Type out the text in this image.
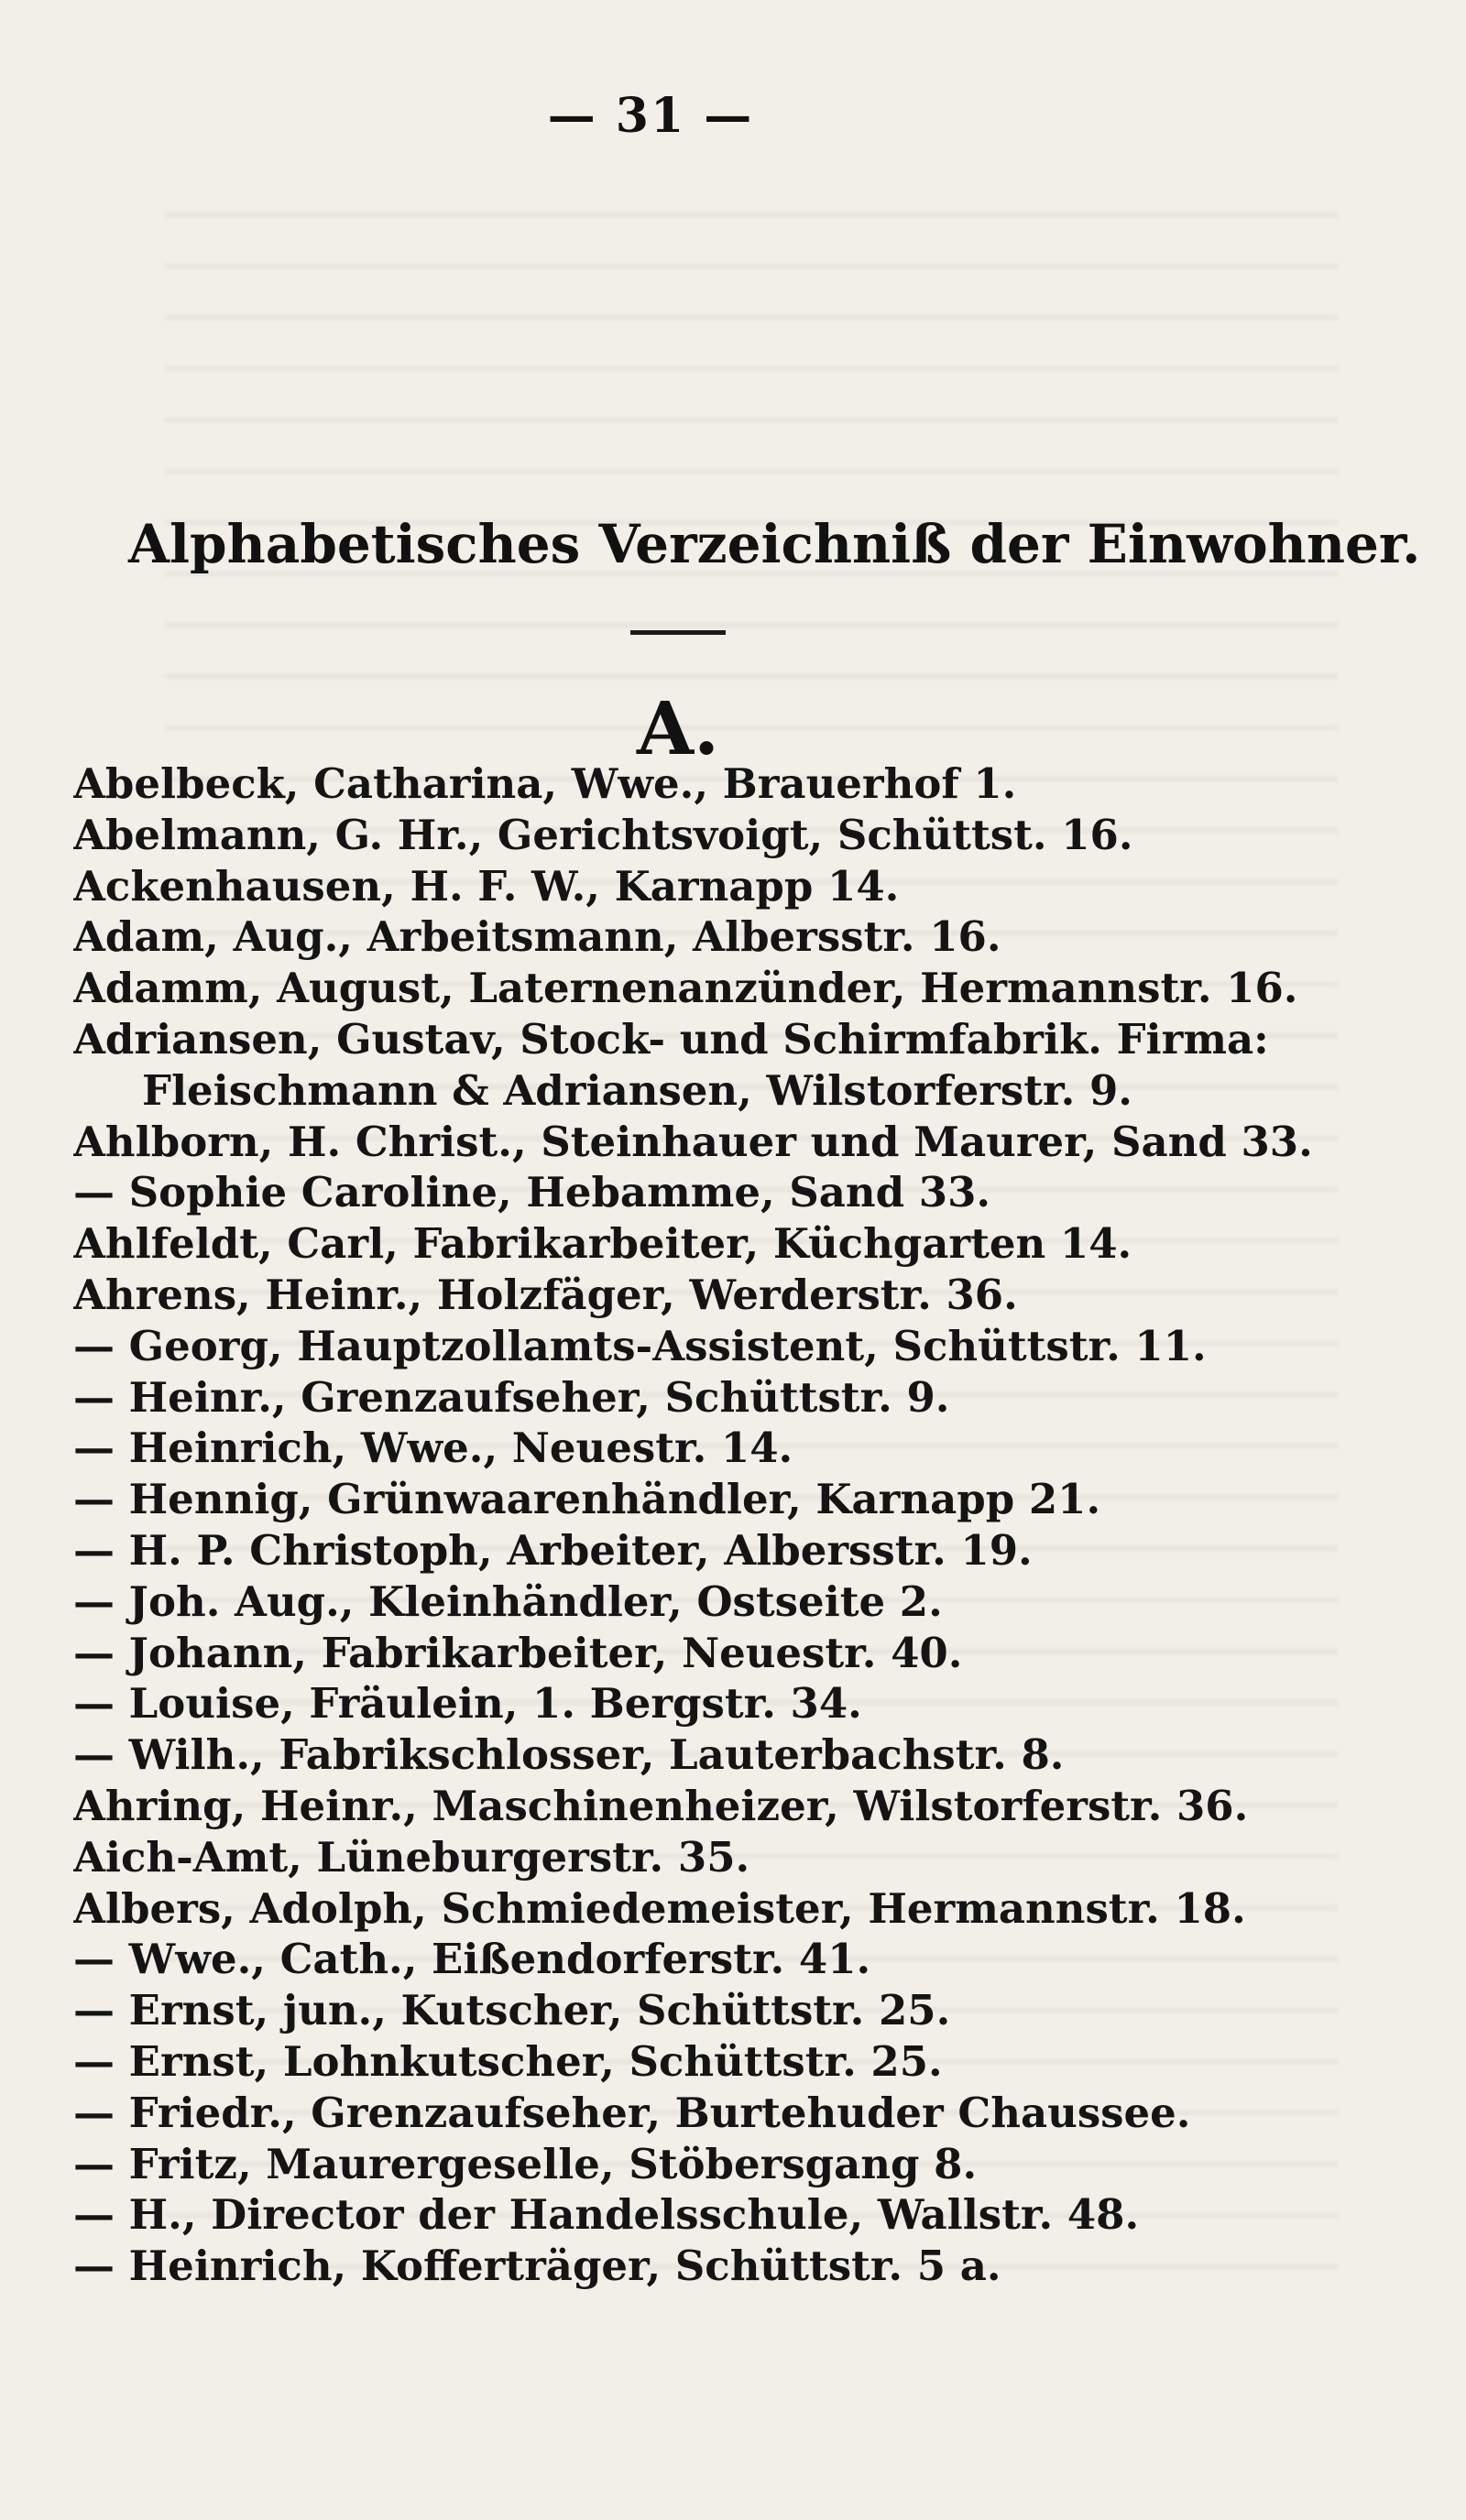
— 31 —
Alphabetisches Verzeichniß der Einwohner.
A.
Abelbeck, Catharina, Wwe., Brauerhof 1.
Abelmann, G. Hr., Gerichtsvoigt, Schüttst. 16.
Ackenhausen, H. F. W., Karnapp 14.
Adam, Aug., Arbeitsmann, Albersstr. 16.
Adamm, August, Laternenanzünder, Hermannstr. 16.
Adriansen, Gustav, Stock- und Schirmfabrik. Firma:
Fleischmann & Adriansen, Wilstorferstr. 9.
Ahlborn, H. Christ., Steinhauer und Maurer, Sand 33.
— Sophie Caroline, Hebamme, Sand 33.
Ahlfeldt, Carl, Fabrikarbeiter, Küchgarten 14.
Ahrens, Heinr., Holzfäger, Werderstr. 36.
— Georg, Hauptzollamts-Assistent, Schüttstr. 11.
— Heinr., Grenzaufseher, Schüttstr. 9.
— Heinrich, Wwe., Neuestr. 14.
— Hennig, Grünwaarenhändler, Karnapp 21.
— H. P. Christoph, Arbeiter, Albersstr. 19.
— Joh. Aug., Kleinhändler, Ostseite 2.
— Johann, Fabrikarbeiter, Neuestr. 40.
— Louise, Fräulein, 1. Bergstr. 34.
— Wilh., Fabrikschlosser, Lauterbachstr. 8.
Ahring, Heinr., Maschinenheizer, Wilstorferstr. 36.
Aich-Amt, Lüneburgerstr. 35.
Albers, Adolph, Schmiedemeister, Hermannstr. 18.
— Wwe., Cath., Eißendorferstr. 41.
— Ernst, jun., Kutscher, Schüttstr. 25.
— Ernst, Lohnkutscher, Schüttstr. 25.
— Friedr., Grenzaufseher, Burtehuder Chaussee.
— Fritz, Maurergeselle, Stöbersgang 8.
— H., Director der Handelsschule, Wallstr. 48.
— Heinrich, Kofferträger, Schüttstr. 5 a.
